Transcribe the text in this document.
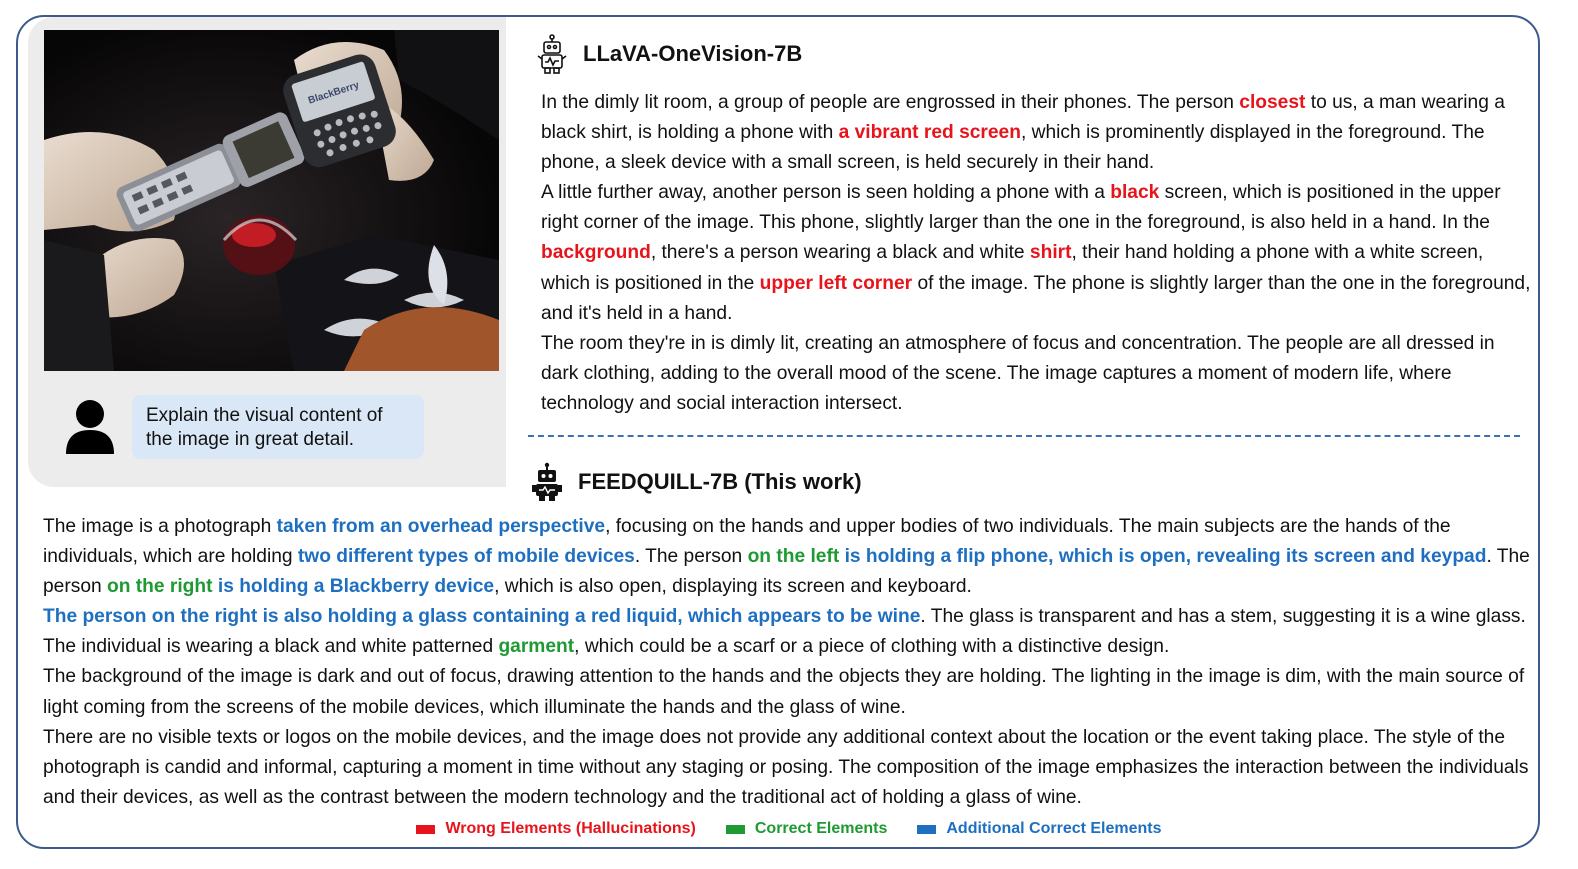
BlackBerry
Explain the visual content of the image in great detail.
LLaVA-OneVision-7B

In the dimly lit room, a group of people are engrossed in their phones. The person closest to us, a man wearing a black shirt, is holding a phone with a vibrant red screen, which is prominently displayed in the foreground. The phone, a sleek device with a small screen, is held securely in their hand.

A little further away, another person is seen holding a phone with a black screen, which is positioned in the upper right corner of the image. This phone, slightly larger than the one in the foreground, is also held in a hand. In the background, there's a person wearing a black and white shirt, their hand holding a phone with a white screen, which is positioned in the upper left corner of the image. The phone is slightly larger than the one in the foreground, and it's held in a hand.

The room they're in is dimly lit, creating an atmosphere of focus and concentration. The people are all dressed in dark clothing, adding to the overall mood of the scene. The image captures a moment of modern life, where technology and social interaction intersect.

FEEDQUILL-7B (This work)

The image is a photograph taken from an overhead perspective, focusing on the hands and upper bodies of two individuals. The main subjects are the hands of the individuals, which are holding two different types of mobile devices. The person on the left is holding a flip phone, which is open, revealing its screen and keypad. The person on the right is holding a Blackberry device, which is also open, displaying its screen and keyboard.

The person on the right is also holding a glass containing a red liquid, which appears to be wine. The glass is transparent and has a stem, suggesting it is a wine glass. The individual is wearing a black and white patterned garment, which could be a scarf or a piece of clothing with a distinctive design.

The background of the image is dark and out of focus, drawing attention to the hands and the objects they are holding. The lighting in the image is dim, with the main source of light coming from the screens of the mobile devices, which illuminate the hands and the glass of wine.

There are no visible texts or logos on the mobile devices, and the image does not provide any additional context about the location or the event taking place. The style of the photograph is candid and informal, capturing a moment in time without any staging or posing. The composition of the image emphasizes the interaction between the individuals and their devices, as well as the contrast between the modern technology and the traditional act of holding a glass of wine.

Wrong Elements (Hallucinations)	Correct Elements	Additional Correct Elements
